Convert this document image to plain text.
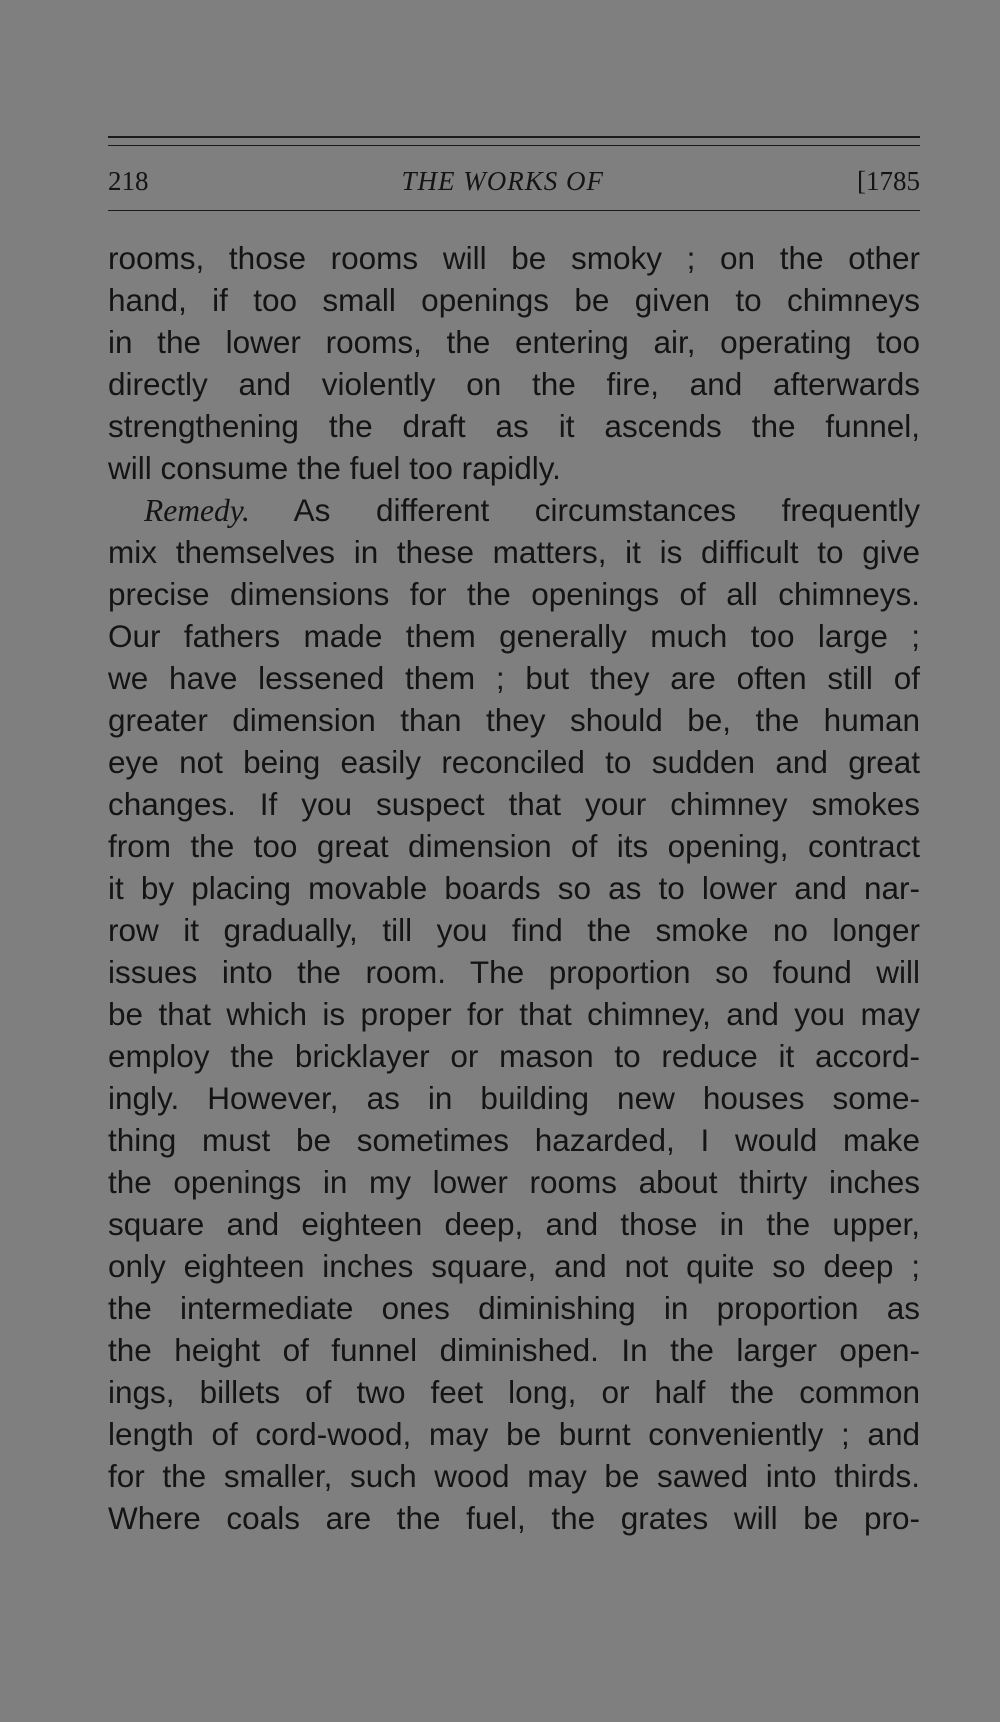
218	THE WORKS OF	[1785
rooms, those rooms will be smoky ; on the other
hand, if too small openings be given to chimneys
in the lower rooms, the entering air, operating too
directly and violently on the fire, and afterwards
strengthening the draft as it ascends the funnel,
will consume the fuel too rapidly.
Remedy. As different circumstances frequently
mix themselves in these matters, it is difficult to give
precise dimensions for the openings of all chimneys.
Our fathers made them generally much too large ;
we have lessened them ; but they are often still of
greater dimension than they should be, the human
eye not being easily reconciled to sudden and great
changes. If you suspect that your chimney smokes
from the too great dimension of its opening, contract
it by placing movable boards so as to lower and nar-
row it gradually, till you find the smoke no longer
issues into the room. The proportion so found will
be that which is proper for that chimney, and you may
employ the bricklayer or mason to reduce it accord-
ingly. However, as in building new houses some-
thing must be sometimes hazarded, I would make
the openings in my lower rooms about thirty inches
square and eighteen deep, and those in the upper,
only eighteen inches square, and not quite so deep ;
the intermediate ones diminishing in proportion as
the height of funnel diminished. In the larger open-
ings, billets of two feet long, or half the common
length of cord-wood, may be burnt conveniently ; and
for the smaller, such wood may be sawed into thirds.
Where coals are the fuel, the grates will be pro-
